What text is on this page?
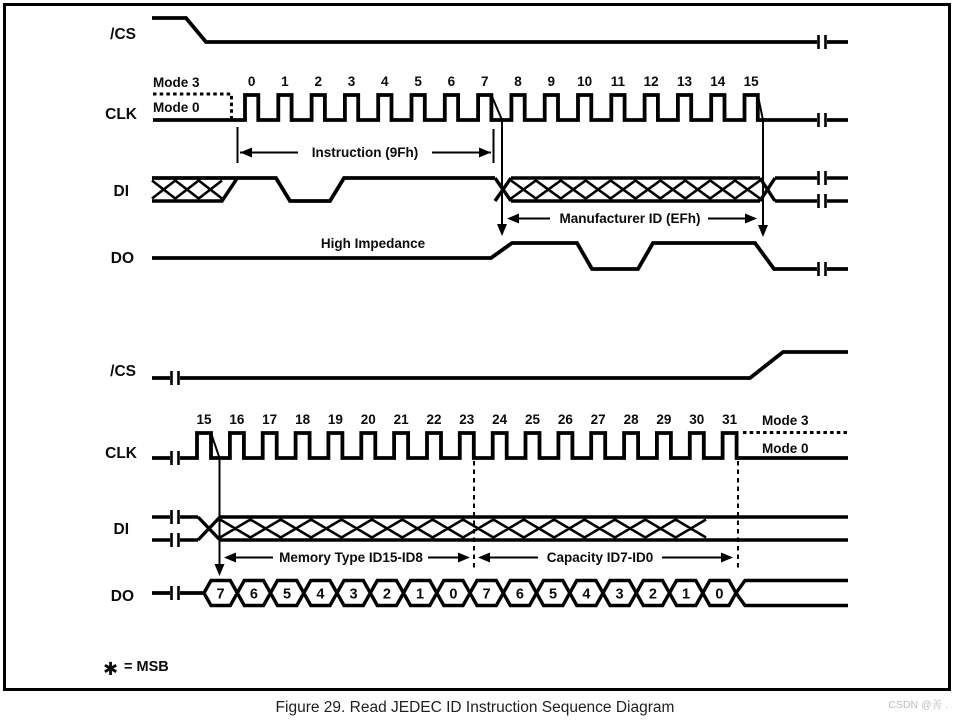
/CS
CLK
DI
DO
Mode 3
Mode 0
0 1 2 3 4 5 6 7 8 9 10 11 12 13 14 15
Instruction (9Fh)
Manufacturer ID (EFh)
High Impedance
/CS
CLK
DI
DO
Mode 3
Mode 0
15 16 17 18 19 20 21 22 23 24 25 26 27 28 29 30 31
Memory Type ID15-ID8	Capacity ID7-ID0
7 6 5 4 3 2 1 0 7 6 5 4 3 2 1 0
✱ = MSB
Figure 29. Read JEDEC ID Instruction Sequence Diagram	CSDN @善 .
